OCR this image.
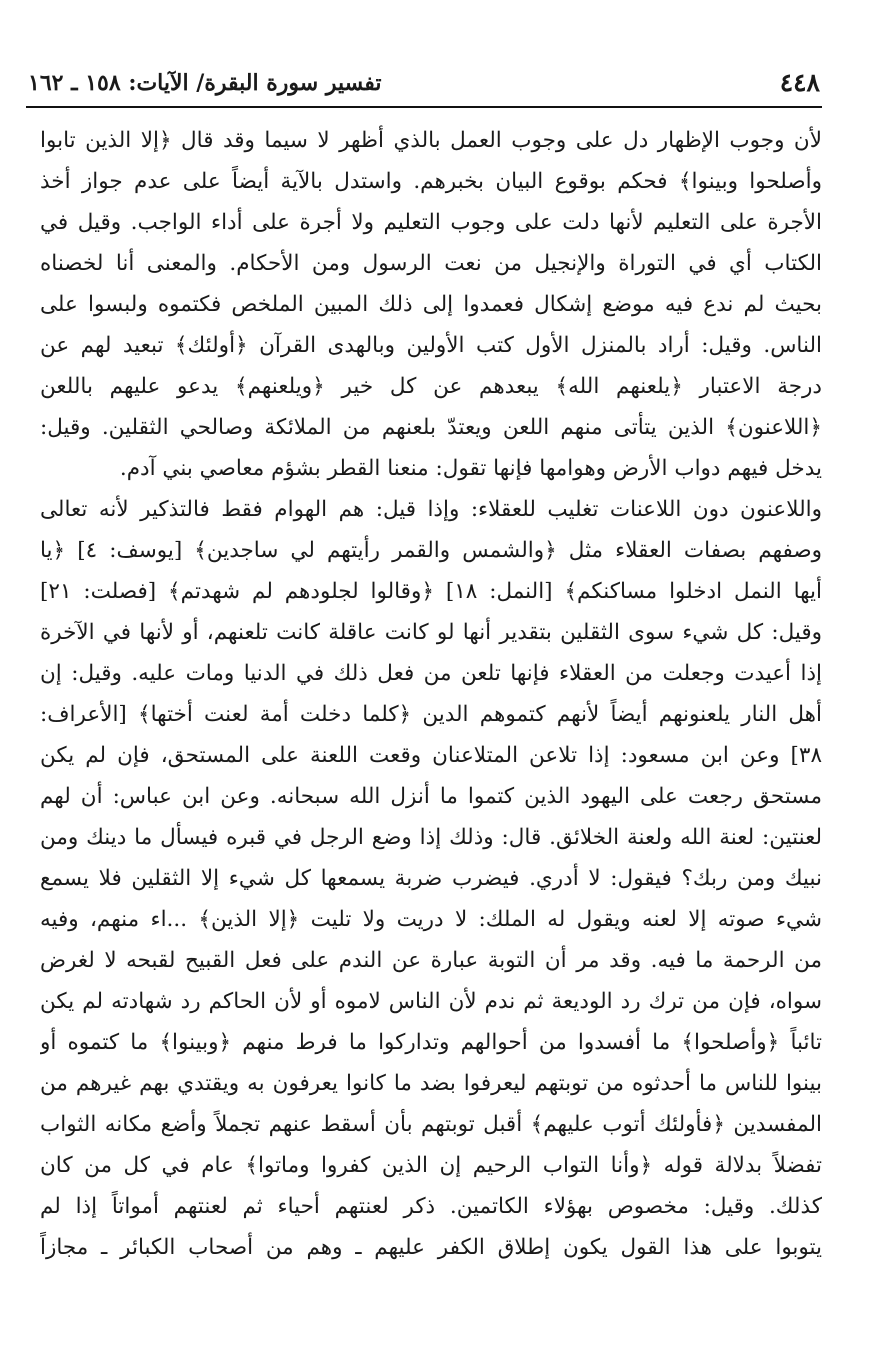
٤٤٨
تفسير سورة البقرة/ الآيات: ١٥٨ ـ ١٦٢
لأن وجوب الإظهار دل على وجوب العمل بالذي أظهر لا سيما وقد قال ﴿إلا الذين تابوا
وأصلحوا وبينوا﴾ فحكم بوقوع البيان بخبرهم. واستدل بالآية أيضاً على عدم جواز أخذ
الأجرة على التعليم لأنها دلت على وجوب التعليم ولا أجرة على أداء الواجب. وقيل في
الكتاب أي في التوراة والإنجيل من نعت الرسول ومن الأحكام. والمعنى أنا لخصناه
بحيث لم ندع فيه موضع إشكال فعمدوا إلى ذلك المبين الملخص فكتموه ولبسوا على
الناس. وقيل: أراد بالمنزل الأول كتب الأولين وبالهدى القرآن ﴿أولئك﴾ تبعيد لهم عن
درجة الاعتبار ﴿يلعنهم الله﴾ يبعدهم عن كل خير ﴿ويلعنهم﴾ يدعو عليهم باللعن
﴿اللاعنون﴾ الذين يتأتى منهم اللعن ويعتدّ بلعنهم من الملائكة وصالحي الثقلين. وقيل:
يدخل فيهم دواب الأرض وهوامها فإنها تقول: منعنا القطر بشؤم معاصي بني آدم.
واللاعنون دون اللاعنات تغليب للعقلاء: وإذا قيل: هم الهوام فقط فالتذكير لأنه تعالى
وصفهم بصفات العقلاء مثل ﴿والشمس والقمر رأيتهم لي ساجدين﴾ [يوسف: ٤] ﴿يا
أيها النمل ادخلوا مساكنكم﴾ [النمل: ١٨] ﴿وقالوا لجلودهم لم شهدتم﴾ [فصلت: ٢١]
وقيل: كل شيء سوى الثقلين بتقدير أنها لو كانت عاقلة كانت تلعنهم، أو لأنها في الآخرة
إذا أعيدت وجعلت من العقلاء فإنها تلعن من فعل ذلك في الدنيا ومات عليه. وقيل: إن
أهل النار يلعنونهم أيضاً لأنهم كتموهم الدين ﴿كلما دخلت أمة لعنت أختها﴾ [الأعراف:
٣٨] وعن ابن مسعود: إذا تلاعن المتلاعنان وقعت اللعنة على المستحق، فإن لم يكن
مستحق رجعت على اليهود الذين كتموا ما أنزل الله سبحانه. وعن ابن عباس: أن لهم
لعنتين: لعنة الله ولعنة الخلائق. قال: وذلك إذا وضع الرجل في قبره فيسأل ما دينك ومن
نبيك ومن ربك؟ فيقول: لا أدري. فيضرب ضربة يسمعها كل شيء إلا الثقلين فلا يسمع
شيء صوته إلا لعنه ويقول له الملك: لا دريت ولا تليت ﴿إلا الذين﴾ ...اء منهم، وفيه
من الرحمة ما فيه. وقد مر أن التوبة عبارة عن الندم على فعل القبيح لقبحه لا لغرض
سواه، فإن من ترك رد الوديعة ثم ندم لأن الناس لاموه أو لأن الحاكم رد شهادته لم يكن
تائباً ﴿وأصلحوا﴾ ما أفسدوا من أحوالهم وتداركوا ما فرط منهم ﴿وبينوا﴾ ما كتموه أو
بينوا للناس ما أحدثوه من توبتهم ليعرفوا بضد ما كانوا يعرفون به ويقتدي بهم غيرهم من
المفسدين ﴿فأولئك أتوب عليهم﴾ أقبل توبتهم بأن أسقط عنهم تجملاً وأضع مكانه الثواب
تفضلاً بدلالة قوله ﴿وأنا التواب الرحيم إن الذين كفروا وماتوا﴾ عام في كل من كان
كذلك. وقيل: مخصوص بهؤلاء الكاتمين. ذكر لعنتهم أحياء ثم لعنتهم أمواتاً إذا لم
يتوبوا على هذا القول يكون إطلاق الكفر عليهم ـ وهم من أصحاب الكبائر ـ مجازاً
